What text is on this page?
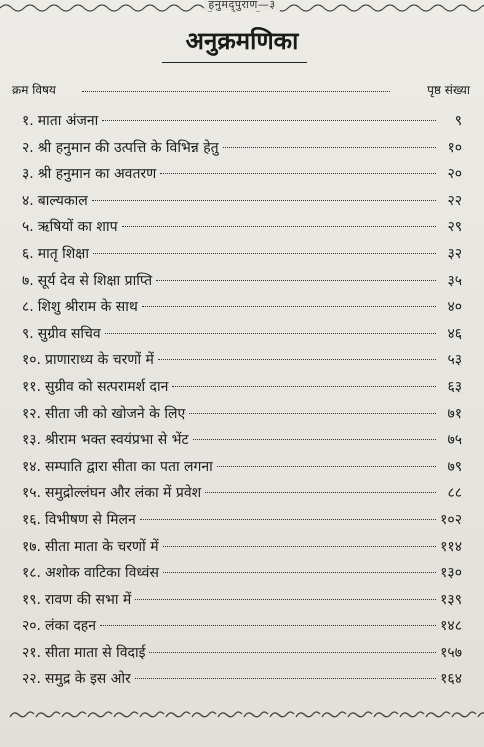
हनुमद्पुराण—३
अनुक्रमणिका
क्रम विषय	पृष्ठ संख्या
१. माता अंजना	९
२. श्री हनुमान की उत्पत्ति के विभिन्न हेतु	१०
३. श्री हनुमान का अवतरण	२०
४. बाल्यकाल	२२
५. ऋषियों का शाप	२९
६. मातृ शिक्षा	३२
७. सूर्य देव से शिक्षा प्राप्ति	३५
८. शिशु श्रीराम के साथ	४०
९. सुग्रीव सचिव	४६
१०. प्राणाराध्य के चरणों में	५३
११. सुग्रीव को सत्परामर्श दान	६३
१२. सीता जी को खोजने के लिए	७१
१३. श्रीराम भक्त स्वयंप्रभा से भेंट	७५
१४. सम्पाति द्वारा सीता का पता लगना	७९
१५. समुद्रोल्लंघन और लंका में प्रवेश	८८
१६. विभीषण से मिलन	१०२
१७. सीता माता के चरणों में	११४
१८. अशोक वाटिका विध्वंस	१३०
१९. रावण की सभा में	१३९
२०. लंका दहन	१४८
२१. सीता माता से विदाई	१५७
२२. समुद्र के इस ओर	१६४
